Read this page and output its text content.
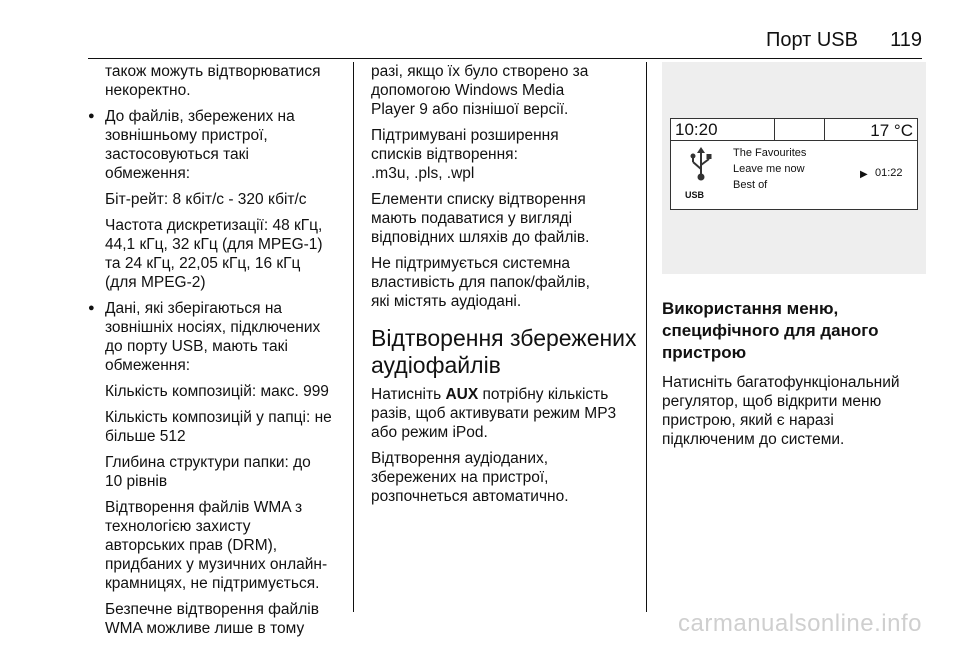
Порт USB 119

також можуть відтворюватися
некоректно.

● До файлів, збережених на
зовнішньому пристрої,
застосовуються такі
обмеження:

Біт-рейт: 8 кбіт/с - 320 кбіт/с

Частота дискретизації: 48 кГц,
44,1 кГц, 32 кГц (для MPEG-1)
та 24 кГц, 22,05 кГц, 16 кГц
(для MPEG-2)

● Дані, які зберігаються на
зовнішніх носіях, підключених
до порту USB, мають такі
обмеження:

Кількість композицій: макс. 999

Кількість композицій у папці: не
більше 512

Глибина структури папки: до
10 рівнів

Відтворення файлів WMA з
технологією захисту
авторських прав (DRM),
придбаних у музичних онлайн-
крамницях, не підтримується.

Безпечне відтворення файлів
WMA можливе лише в тому

разі, якщо їх було створено за
допомогою Windows Media
Player 9 або пізнішої версії.

Підтримувані розширення
списків відтворення:
.m3u, .pls, .wpl

Елементи списку відтворення
мають подаватися у вигляді
відповідних шляхів до файлів.

Не підтримується системна
властивість для папок/файлів,
які містять аудіодані.

Відтворення збережених
аудіофайлів

Натисніть AUX потрібну кількість
разів, щоб активувати режим MP3
або режим iPod.

Відтворення аудіоданих,
збережених на пристрої,
розпочнеться автоматично.

10:20	17 °C
USB
The Favourites
Leave me now
Best of
▶ 01:22
Використання меню,
специфічного для даного
пристрою

Натисніть багатофункціональний
регулятор, щоб відкрити меню
пристрою, який є наразі
підключеним до системи.

carmanualsonline.info
